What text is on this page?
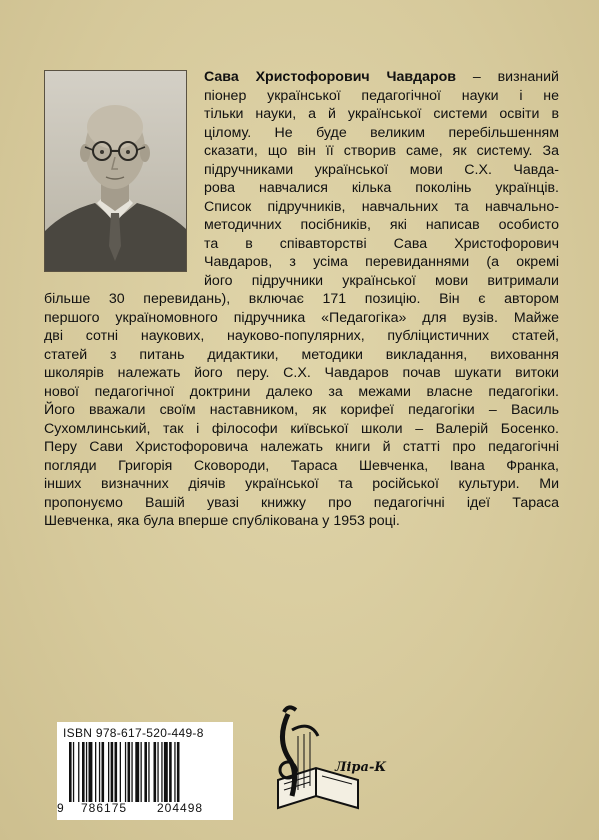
Сава Христофорович Чавдаров – визнаний
піонер української педагогічної науки і не
тільки науки, а й української системи освіти в
цілому. Не буде великим перебільшенням
сказати, що він її створив саме, як систему. За
підручниками української мови С.Х. Чавда-
рова навчалися кілька поколінь українців.
Список підручників, навчальних та навчально-
методичних посібників, які написав особисто
та в співавторстві Сава Христофорович
Чавдаров, з усіма перевиданнями (а окремі
його підручники української мови витримали
більше 30 перевидань), включає 171 позицію. Він є автором
першого україномовного підручника «Педагогіка» для вузів. Майже
дві сотні наукових, науково-популярних, публіцистичних статей,
статей з питань дидактики, методики викладання, виховання
школярів належать його перу. С.Х. Чавдаров почав шукати витоки
нової педагогічної доктрини далеко за межами власне педагогіки.
Його вважали своїм наставником, як корифеї педагогіки – Василь
Сухомлинський, так і філософи київської школи – Валерій Босенко.
Перу Сави Христофоровича належать книги й статті про педагогічні
погляди Григорія Сковороди, Тараса Шевченка, Івана Франка,
інших визначних діячів української та російської культури. Ми
пропонуємо Вашій увазі книжку про педагогічні ідеї Тараса
Шевченка, яка була вперше спублікована у 1953 році.
ISBN 978-617-520-449-8
9 786175 204498
Ліра-К
